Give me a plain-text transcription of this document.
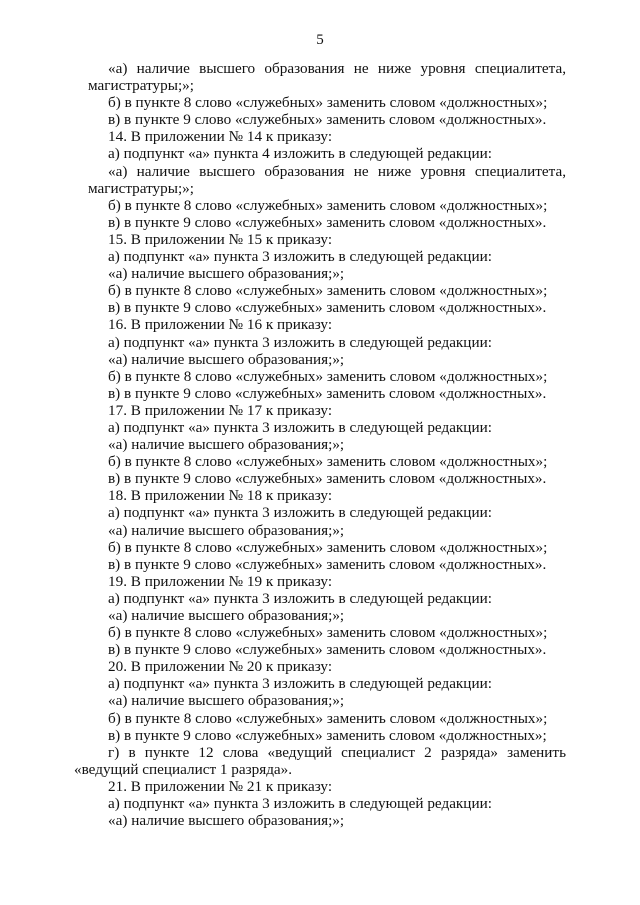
5
«а) наличие высшего образования не ниже уровня специалитета,
магистратуры;»;
б) в пункте 8 слово «служебных» заменить словом «должностных»;
в) в пункте 9 слово «служебных» заменить словом «должностных».
14. В приложении № 14 к приказу:
а) подпункт «а» пункта 4 изложить в следующей редакции:
«а) наличие высшего образования не ниже уровня специалитета,
магистратуры;»;
б) в пункте 8 слово «служебных» заменить словом «должностных»;
в) в пункте 9 слово «служебных» заменить словом «должностных».
15. В приложении № 15 к приказу:
а) подпункт «а» пункта 3 изложить в следующей редакции:
«а) наличие высшего образования;»;
б) в пункте 8 слово «служебных» заменить словом «должностных»;
в) в пункте 9 слово «служебных» заменить словом «должностных».
16. В приложении № 16 к приказу:
а) подпункт «а» пункта 3 изложить в следующей редакции:
«а) наличие высшего образования;»;
б) в пункте 8 слово «служебных» заменить словом «должностных»;
в) в пункте 9 слово «служебных» заменить словом «должностных».
17. В приложении № 17 к приказу:
а) подпункт «а» пункта 3 изложить в следующей редакции:
«а) наличие высшего образования;»;
б) в пункте 8 слово «служебных» заменить словом «должностных»;
в) в пункте 9 слово «служебных» заменить словом «должностных».
18. В приложении № 18 к приказу:
а) подпункт «а» пункта 3 изложить в следующей редакции:
«а) наличие высшего образования;»;
б) в пункте 8 слово «служебных» заменить словом «должностных»;
в) в пункте 9 слово «служебных» заменить словом «должностных».
19. В приложении № 19 к приказу:
а) подпункт «а» пункта 3 изложить в следующей редакции:
«а) наличие высшего образования;»;
б) в пункте 8 слово «служебных» заменить словом «должностных»;
в) в пункте 9 слово «служебных» заменить словом «должностных».
20. В приложении № 20 к приказу:
а) подпункт «а» пункта 3 изложить в следующей редакции:
«а) наличие высшего образования;»;
б) в пункте 8 слово «служебных» заменить словом «должностных»;
в) в пункте 9 слово «служебных» заменить словом «должностных»;
г) в пункте 12 слова «ведущий специалист 2 разряда» заменить
«ведущий специалист 1 разряда».
21. В приложении № 21 к приказу:
а) подпункт «а» пункта 3 изложить в следующей редакции:
«а) наличие высшего образования;»;
